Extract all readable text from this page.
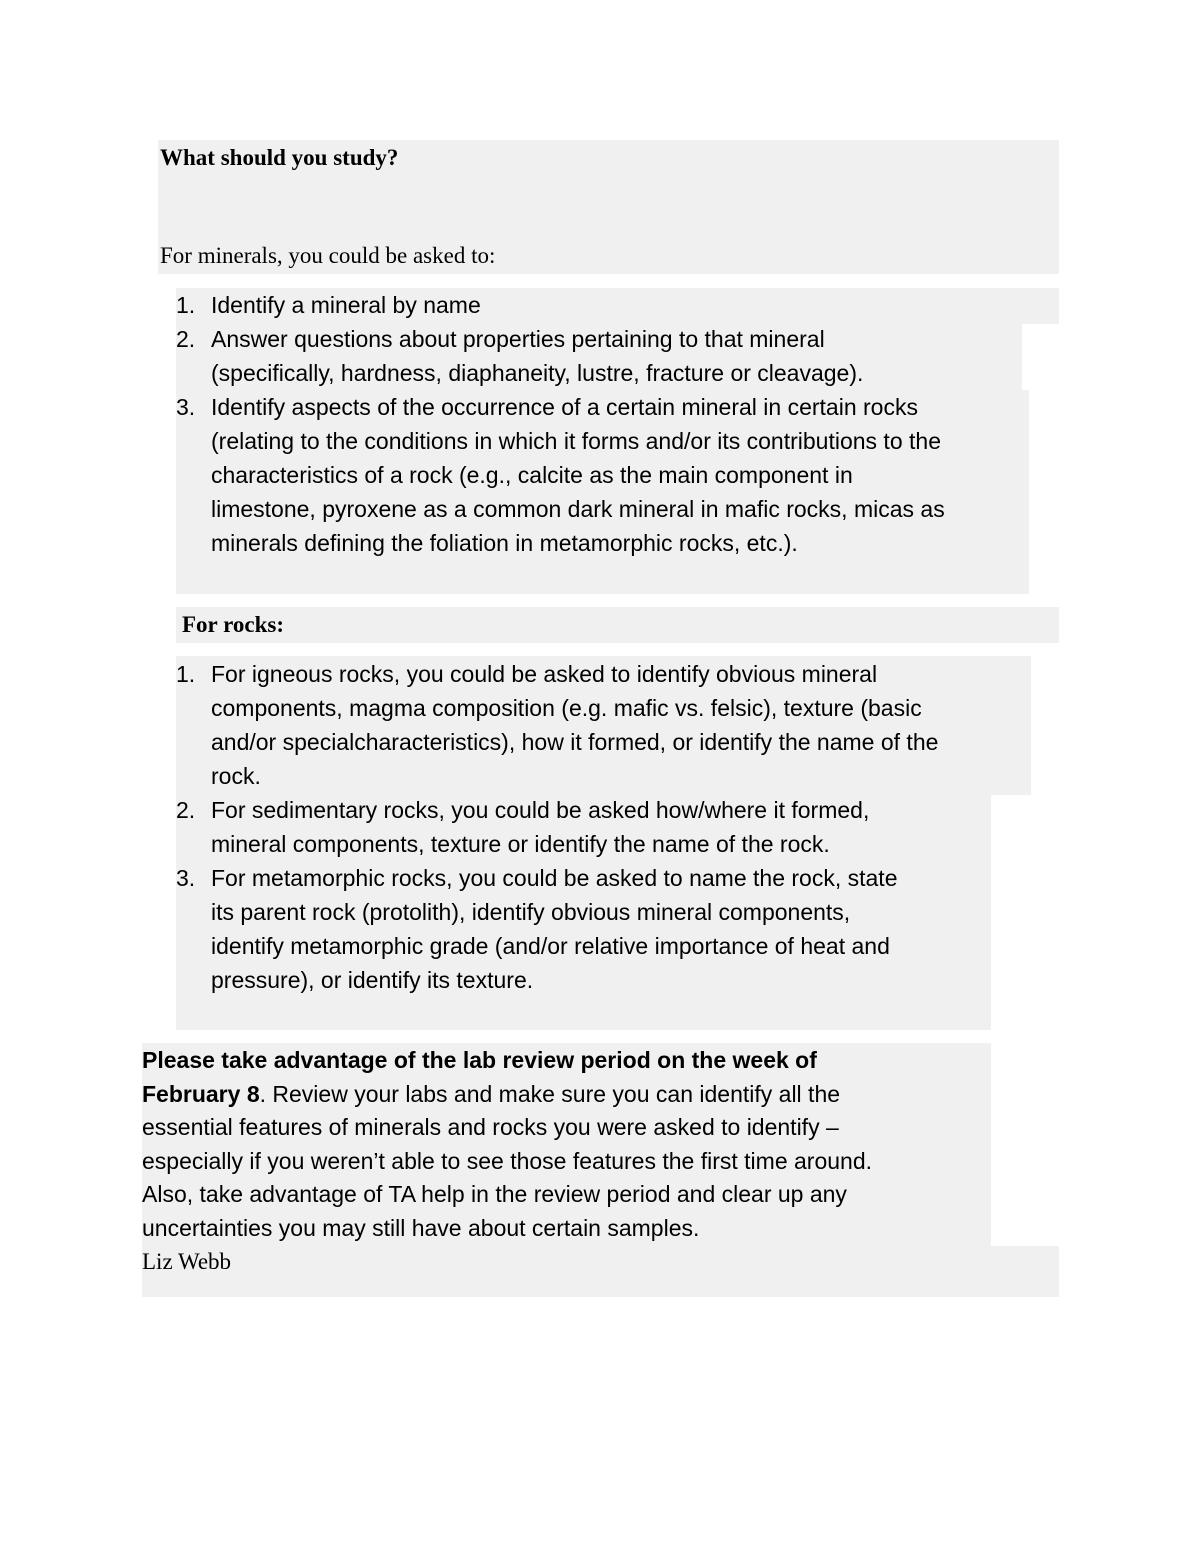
What should you study?
For minerals, you could be asked to:
1. Identify a mineral by name
2. Answer questions about properties pertaining to that mineral
(specifically, hardness, diaphaneity, lustre, fracture or cleavage).
3. Identify aspects of the occurrence of a certain mineral in certain rocks
(relating to the conditions in which it forms and/or its contributions to the
characteristics of a rock (e.g., calcite as the main component in
limestone, pyroxene as a common dark mineral in mafic rocks, micas as
minerals defining the foliation in metamorphic rocks, etc.).
For rocks:
1. For igneous rocks, you could be asked to identify obvious mineral
components, magma composition (e.g. mafic vs. felsic), texture (basic
and/or specialcharacteristics), how it formed, or identify the name of the
rock.
2. For sedimentary rocks, you could be asked how/where it formed,
mineral components, texture or identify the name of the rock.
3. For metamorphic rocks, you could be asked to name the rock, state
its parent rock (protolith), identify obvious mineral components,
identify metamorphic grade (and/or relative importance of heat and
pressure), or identify its texture.
Please take advantage of the lab review period on the week of
February 8. Review your labs and make sure you can identify all the
essential features of minerals and rocks you were asked to identify –
especially if you weren’t able to see those features the first time around.
Also, take advantage of TA help in the review period and clear up any
uncertainties you may still have about certain samples.
Liz Webb
